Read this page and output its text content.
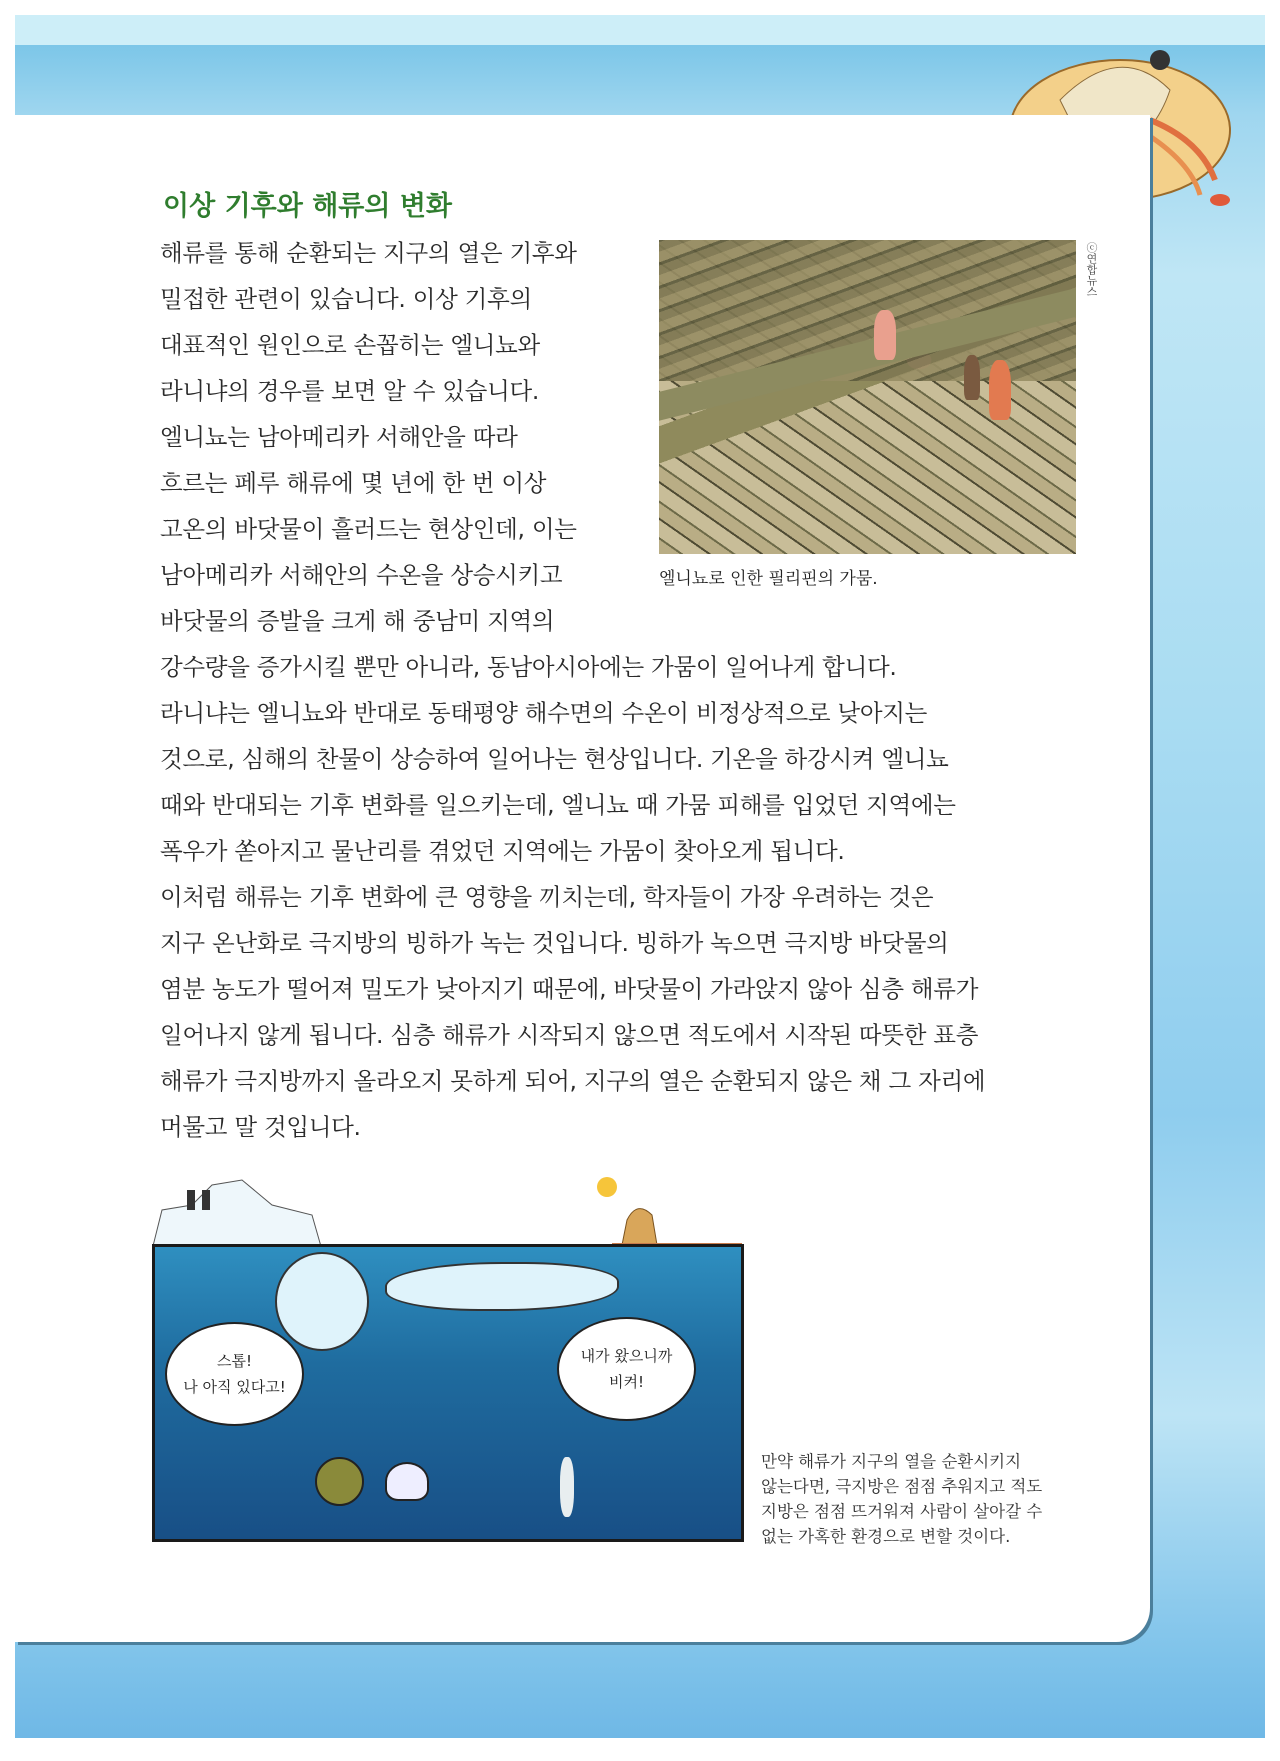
이상 기후와 해류의 변화

해류를 통해 순환되는 지구의 열은 기후와
밀접한 관련이 있습니다. 이상 기후의
대표적인 원인으로 손꼽히는 엘니뇨와
라니냐의 경우를 보면 알 수 있습니다.
엘니뇨는 남아메리카 서해안을 따라
흐르는 페루 해류에 몇 년에 한 번 이상
고온의 바닷물이 흘러드는 현상인데, 이는
남아메리카 서해안의 수온을 상승시키고
바닷물의 증발을 크게 해 중남미 지역의

강수량을 증가시킬 뿐만 아니라, 동남아시아에는 가뭄이 일어나게 합니다.
라니냐는 엘니뇨와 반대로 동태평양 해수면의 수온이 비정상적으로 낮아지는
것으로, 심해의 찬물이 상승하여 일어나는 현상입니다. 기온을 하강시켜 엘니뇨
때와 반대되는 기후 변화를 일으키는데, 엘니뇨 때 가뭄 피해를 입었던 지역에는
폭우가 쏟아지고 물난리를 겪었던 지역에는 가뭄이 찾아오게 됩니다.
이처럼 해류는 기후 변화에 큰 영향을 끼치는데, 학자들이 가장 우려하는 것은
지구 온난화로 극지방의 빙하가 녹는 것입니다. 빙하가 녹으면 극지방 바닷물의
염분 농도가 떨어져 밀도가 낮아지기 때문에, 바닷물이 가라앉지 않아 심층 해류가
일어나지 않게 됩니다. 심층 해류가 시작되지 않으면 적도에서 시작된 따뜻한 표층
해류가 극지방까지 올라오지 못하게 되어, 지구의 열은 순환되지 않은 채 그 자리에
머물고 말 것입니다.

ⓒ연합뉴스

엘니뇨로 인한 필리핀의 가뭄.

스톱!
나 아직 있다고!
내가 왔으니까
비켜!

만약 해류가 지구의 열을 순환시키지
않는다면, 극지방은 점점 추워지고 적도
지방은 점점 뜨거워져 사람이 살아갈 수
없는 가혹한 환경으로 변할 것이다.
